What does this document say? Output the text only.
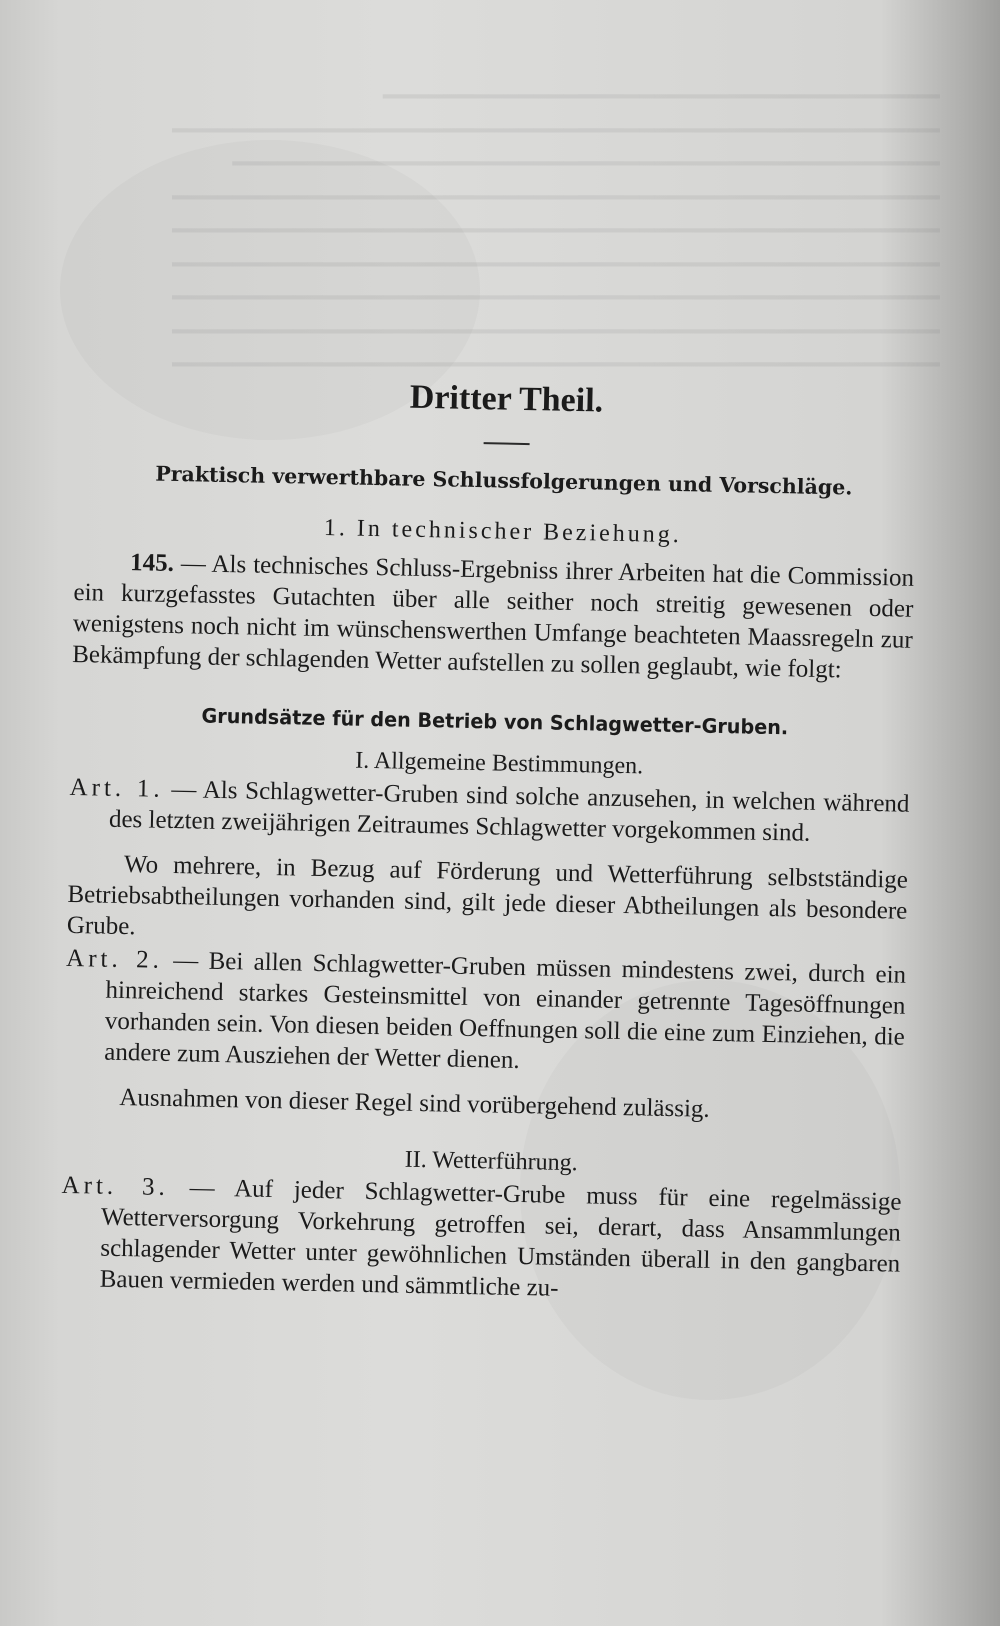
━━━━━━━━━━━━━━━━━━━━━━━━━━━━━━━━━━━━━
━━━━━━━━━━━━━━━━━━━━━━━━━━━━━━━━━━━━━━━━━━━━━━━━━━━
━━━━━━━━━━━━━━━━━━━━━━━━━━━━━━━━━━━━━━━━━━━━━━━
━━━━━━━━━━━━━━━━━━━━━━━━━━━━━━━━━━━━━━━━━━━━━━━━━━━
━━━━━━━━━━━━━━━━━━━━━━━━━━━━━━━━━━━━━━━━━━━━━━━━━━━
━━━━━━━━━━━━━━━━━━━━━━━━━━━━━━━━━━━━━━━━━━━━━━━━━━━
━━━━━━━━━━━━━━━━━━━━━━━━━━━━━━━━━━━━━━━━━━━━━━━━━━━
━━━━━━━━━━━━━━━━━━━━━━━━━━━━━━━━━━━━━━━━━━━━━━━━━━━
━━━━━━━━━━━━━━━━━━━━━━━━━━━━━━━━━━━━━━━━━━━━━━━━━━━
Dritter Theil.
Praktisch verwerthbare Schlussfolgerungen und Vorschläge.
1. In technischer Beziehung.

145. — Als technisches Schluss-Ergebniss ihrer Arbeiten hat die Commission ein kurzgefasstes Gutachten über alle seither noch streitig gewesenen oder wenigstens noch nicht im wünschenswerthen Umfange beachteten Maassregeln zur Bekämpfung der schlagenden Wetter aufstellen zu sollen geglaubt, wie folgt:

Grundsätze für den Betrieb von Schlagwetter-Gruben.
I. Allgemeine Bestimmungen.

Art. 1. — Als Schlagwetter-Gruben sind solche anzusehen, in welchen während des letzten zweijährigen Zeitraumes Schlagwetter vorgekommen sind.

Wo mehrere, in Bezug auf Förderung und Wetterführung selbstständige Betriebsabtheilungen vorhanden sind, gilt jede dieser Abtheilungen als besondere Grube.

Art. 2. — Bei allen Schlagwetter-Gruben müssen mindestens zwei, durch ein hinreichend starkes Gesteinsmittel von einander getrennte Tagesöffnungen vorhanden sein. Von diesen beiden Oeffnungen soll die eine zum Einziehen, die andere zum Ausziehen der Wetter dienen.

Ausnahmen von dieser Regel sind vorübergehend zulässig.

II. Wetterführung.

Art. 3. — Auf jeder Schlagwetter-Grube muss für eine regelmässige Wetterversorgung Vorkehrung getroffen sei, derart, dass Ansammlungen schlagender Wetter unter gewöhnlichen Umständen überall in den gangbaren Bauen vermieden werden und sämmtliche zu-
